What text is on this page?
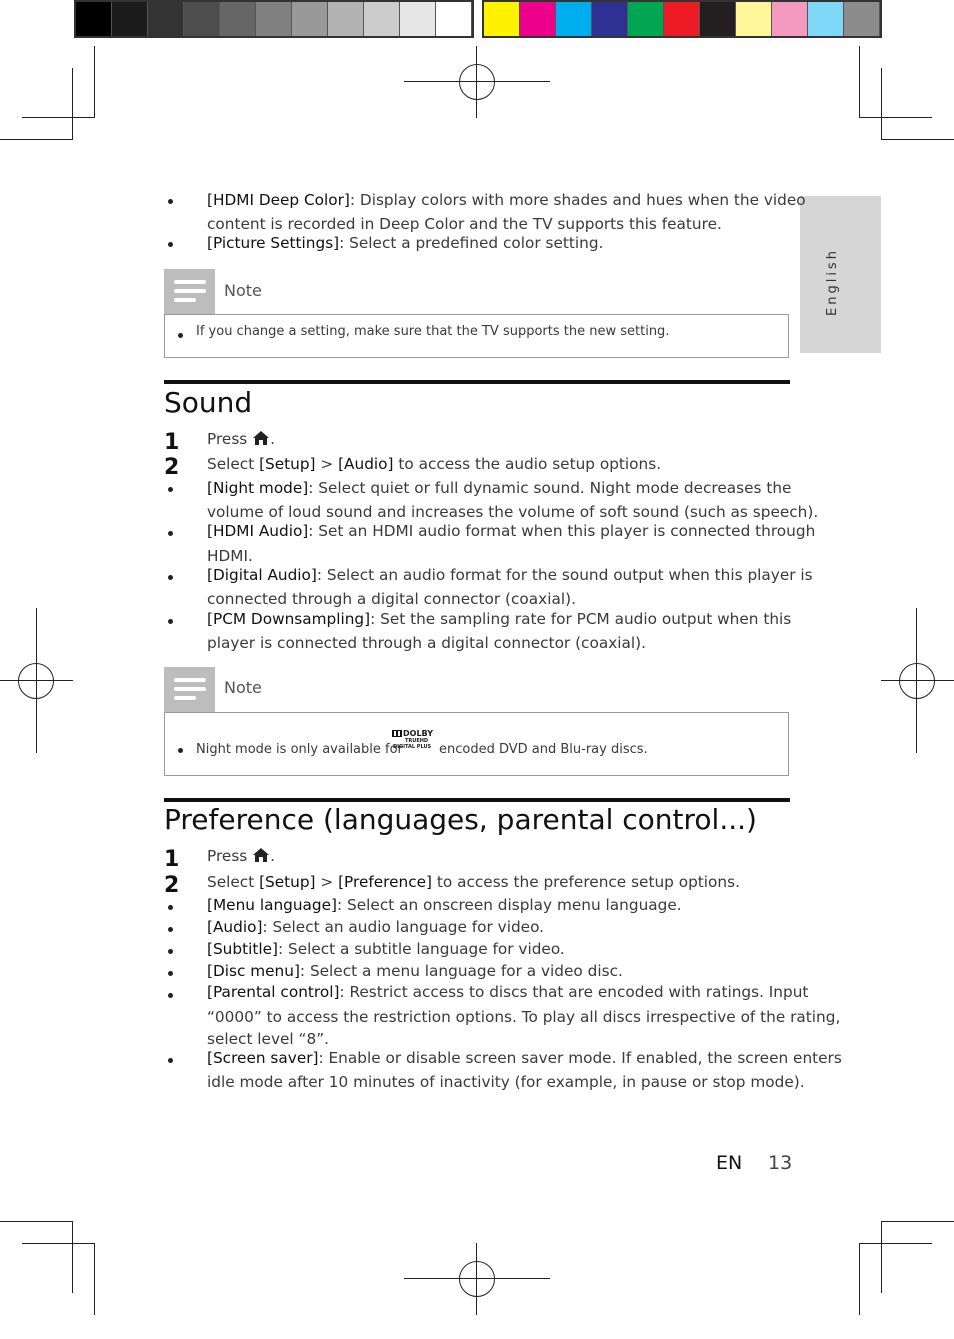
English
[HDMI Deep Color]: Display colors with more shades and hues when the video
content is recorded in Deep Color and the TV supports this feature.
[Picture Settings]: Select a predefined color setting.
Note
If you change a setting, make sure that the TV supports the new setting.
Sound
1 Press .
2 Select [Setup] > [Audio] to access the audio setup options.
[Night mode]: Select quiet or full dynamic sound. Night mode decreases the
volume of loud sound and increases the volume of soft sound (such as speech).
[HDMI Audio]: Set an HDMI audio format when this player is connected through
HDMI.
[Digital Audio]: Select an audio format for the sound output when this player is
connected through a digital connector (coaxial).
[PCM Downsampling]: Set the sampling rate for PCM audio output when this
player is connected through a digital connector (coaxial).
Note
Night mode is only available for
DOLBY
TRUEHD
DIGITAL PLUS encoded DVD and Blu-ray discs.
Preference (languages, parental control...)
1 Press .
2 Select [Setup] > [Preference] to access the preference setup options.
[Menu language]: Select an onscreen display menu language.
[Audio]: Select an audio language for video.
[Subtitle]: Select a subtitle language for video.
[Disc menu]: Select a menu language for a video disc.
[Parental control]: Restrict access to discs that are encoded with ratings. Input
“0000” to access the restriction options. To play all discs irrespective of the rating,
select level “8”.
[Screen saver]: Enable or disable screen saver mode. If enabled, the screen enters
idle mode after 10 minutes of inactivity (for example, in pause or stop mode).
EN 13
